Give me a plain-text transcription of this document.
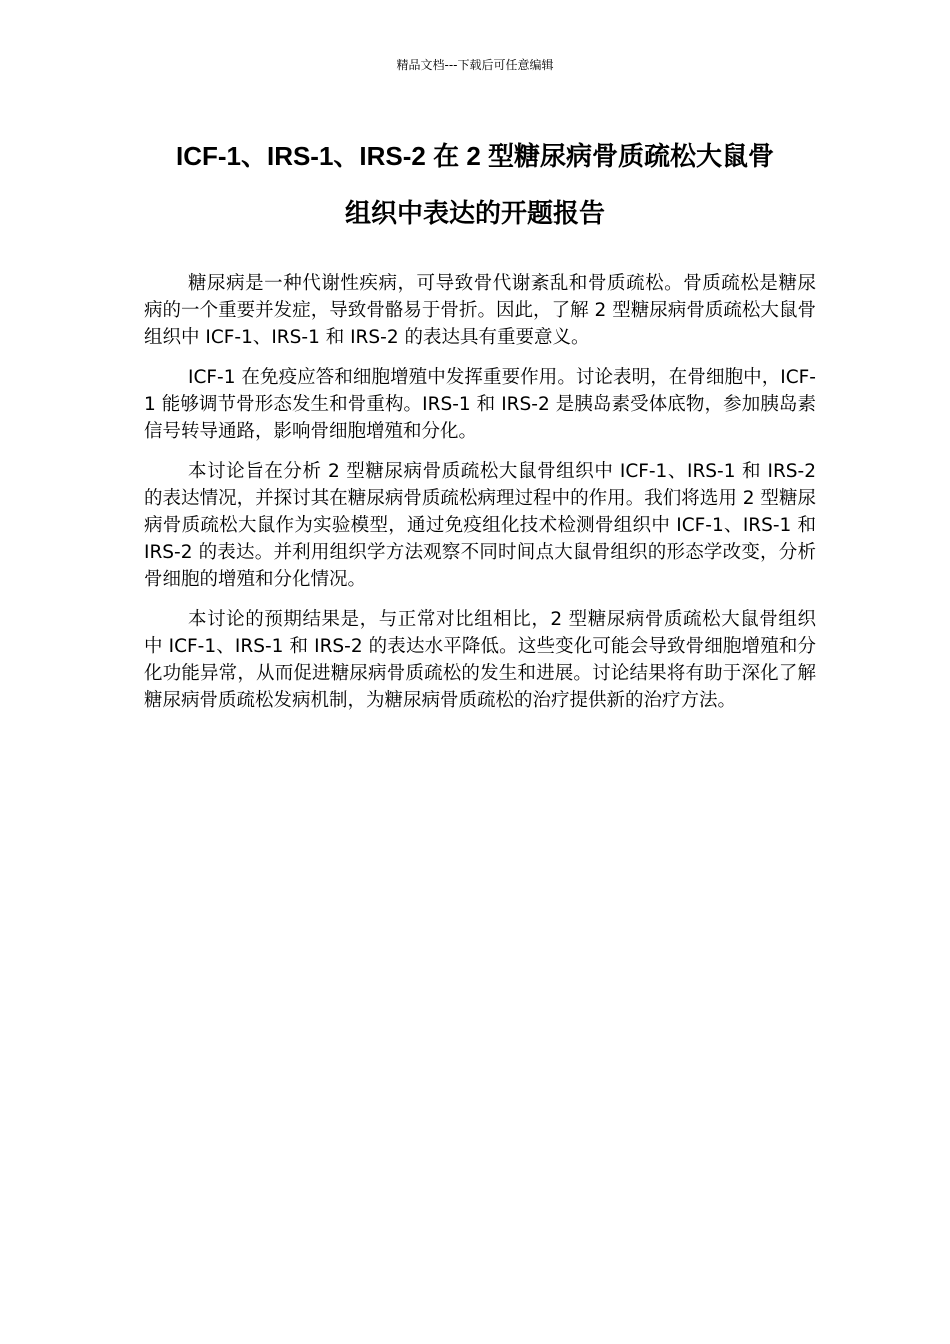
精品文档---下载后可任意编辑
ICF-1、IRS-1、IRS-2 在 2 型糖尿病骨质疏松大鼠骨
组织中表达的开题报告

糖尿病是一种代谢性疾病，可导致骨代谢紊乱和骨质疏松。骨质疏松是糖尿病的一个重要并发症，导致骨骼易于骨折。因此，了解 2 型糖尿病骨质疏松大鼠骨组织中 ICF-1、IRS-1 和 IRS-2 的表达具有重要意义。

ICF-1 在免疫应答和细胞增殖中发挥重要作用。讨论表明，在骨细胞中，ICF-1 能够调节骨形态发生和骨重构。IRS-1 和 IRS-2 是胰岛素受体底物，参加胰岛素信号转导通路，影响骨细胞增殖和分化。

本讨论旨在分析 2 型糖尿病骨质疏松大鼠骨组织中 ICF-1、IRS-1 和 IRS-2 的表达情况，并探讨其在糖尿病骨质疏松病理过程中的作用。我们将选用 2 型糖尿病骨质疏松大鼠作为实验模型，通过免疫组化技术检测骨组织中 ICF-1、IRS-1 和 IRS-2 的表达。并利用组织学方法观察不同时间点大鼠骨组织的形态学改变，分析骨细胞的增殖和分化情况。

本讨论的预期结果是，与正常对比组相比，2 型糖尿病骨质疏松大鼠骨组织中 ICF-1、IRS-1 和 IRS-2 的表达水平降低。这些变化可能会导致骨细胞增殖和分化功能异常，从而促进糖尿病骨质疏松的发生和进展。讨论结果将有助于深化了解糖尿病骨质疏松发病机制，为糖尿病骨质疏松的治疗提供新的治疗方法。
